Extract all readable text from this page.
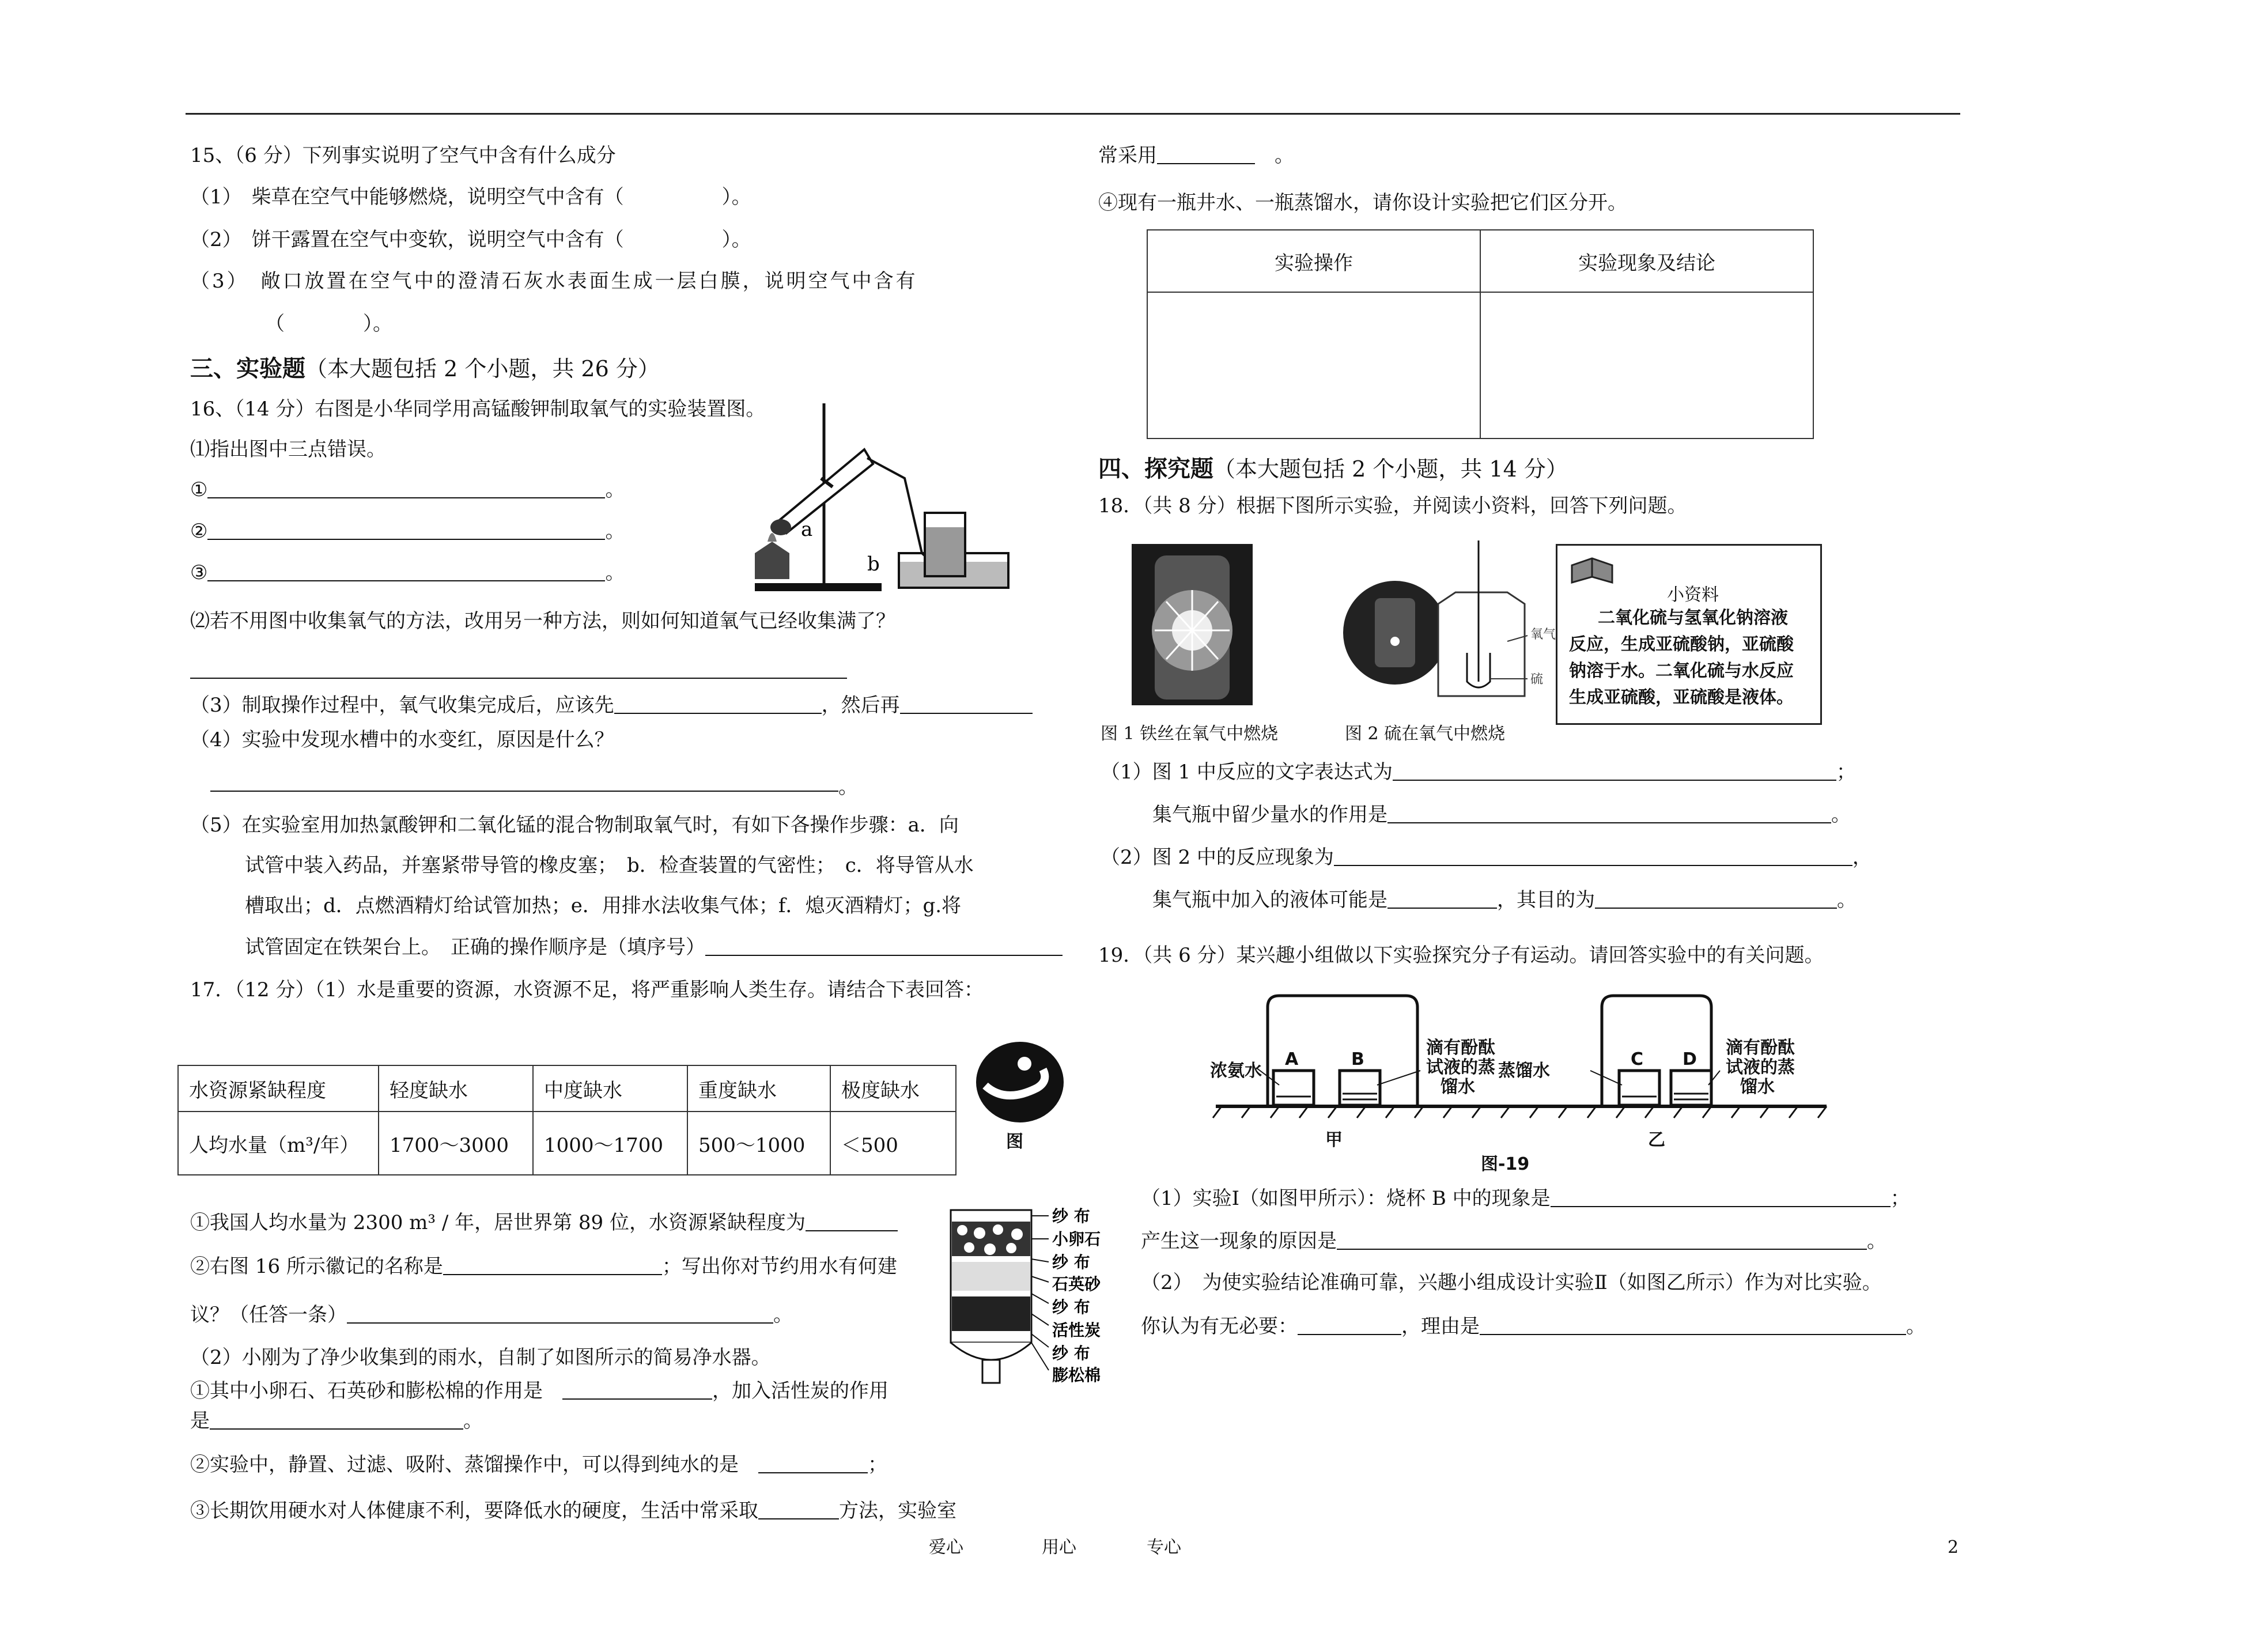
15、（6 分）下列事实说明了空气中含有什么成分
（1）　柴草在空气中能够燃烧，说明空气中含有（　　　　　）。
（2）　饼干露置在空气中变软，说明空气中含有（　　　　　）。
（3）　敞口放置在空气中的澄清石灰水表面生成一层白膜，说明空气中含有
（　　　　）。
三、实验题（本大题包括 2 个小题，共 26 分）
16、（14 分）右图是小华同学用高锰酸钾制取氧气的实验装置图。
⑴指出图中三点错误。
①	。
②	。
③	。
a
b
⑵若不用图中收集氧气的方法，改用另一种方法，则如何知道氧气已经收集满了？
（3）制取操作过程中，氧气收集完成后，应该先	，然后再
（4）实验中发现水槽中的水变红，原因是什么？
。
（5）在实验室用加热氯酸钾和二氧化锰的混合物制取氧气时，有如下各操作步骤：a．向
试管中装入药品，并塞紧带导管的橡皮塞；　b．检查装置的气密性；　c．将导管从水
槽取出；d．点燃酒精灯给试管加热；e．用排水法收集气体；f．熄灭酒精灯；g.将
试管固定在铁架台上。　正确的操作顺序是（填序号）
17．（12 分）（1）水是重要的资源，水资源不足，将严重影响人类生存。请结合下表回答：
水资源紧缺程度	轻度缺水	中度缺水	重度缺水	极度缺水
人均水量（m³/年）	1700～3000	1000～1700	500～1000	＜500	图
①我国人均水量为 2300 m³ / 年，居世界第 89 位，水资源紧缺程度为
②右图 16 所示徽记的名称是	；写出你对节约用水有何建
议？（任答一条）	。
（2）小刚为了净少收集到的雨水，自制了如图所示的简易净水器。
①其中小卵石、石英砂和膨松棉的作用是　	，加入活性炭的作用
是	。
②实验中，静置、过滤、吸附、蒸馏操作中，可以得到纯水的是　	；
③长期饮用硬水对人体健康不利，要降低水的硬度，生活中常采取	方法，实验室
纱 布
小卵石
纱 布
石英砂
纱 布
活性炭
纱 布
膨松棉
常采用　	。
④现有一瓶井水、一瓶蒸馏水，请你设计实验把它们区分开。
实验操作	实验现象及结论

四、探究题（本大题包括 2 个小题，共 14 分）
18．（共 8 分）根据下图所示实验，并阅读小资料，回答下列问题。
图 1 铁丝在氧气中燃烧
氧气
硫
图 2 硫在氧气中燃烧
小资料
二氧化硫与氢氧化钠溶液
反应，生成亚硫酸钠，亚硫酸
钠溶于水。二氧化硫与水反应
生成亚硫酸，亚硫酸是液体。
（1）图 1 中反应的文字表达式为	；
集气瓶中留少量水的作用是	。
（2）图 2 中的反应现象为	，
集气瓶中加入的液体可能是	，其目的为	。
19．（共 6 分）某兴趣小组做以下实验探究分子有运动。请回答实验中的有关问题。
浓氨水
A	B
滴有酚酞
试液的蒸
馏水
蒸馏水
C D
滴有酚酞
试液的蒸
馏水
甲	乙
图-19
（1）实验Ⅰ（如图甲所示）：烧杯 B 中的现象是	；
产生这一现象的原因是	。
（2）　为使实验结论准确可靠，兴趣小组成设计实验Ⅱ（如图乙所示）作为对比实验。
你认为有无必要：	，理由是	。
爱心	用心	专心	2
